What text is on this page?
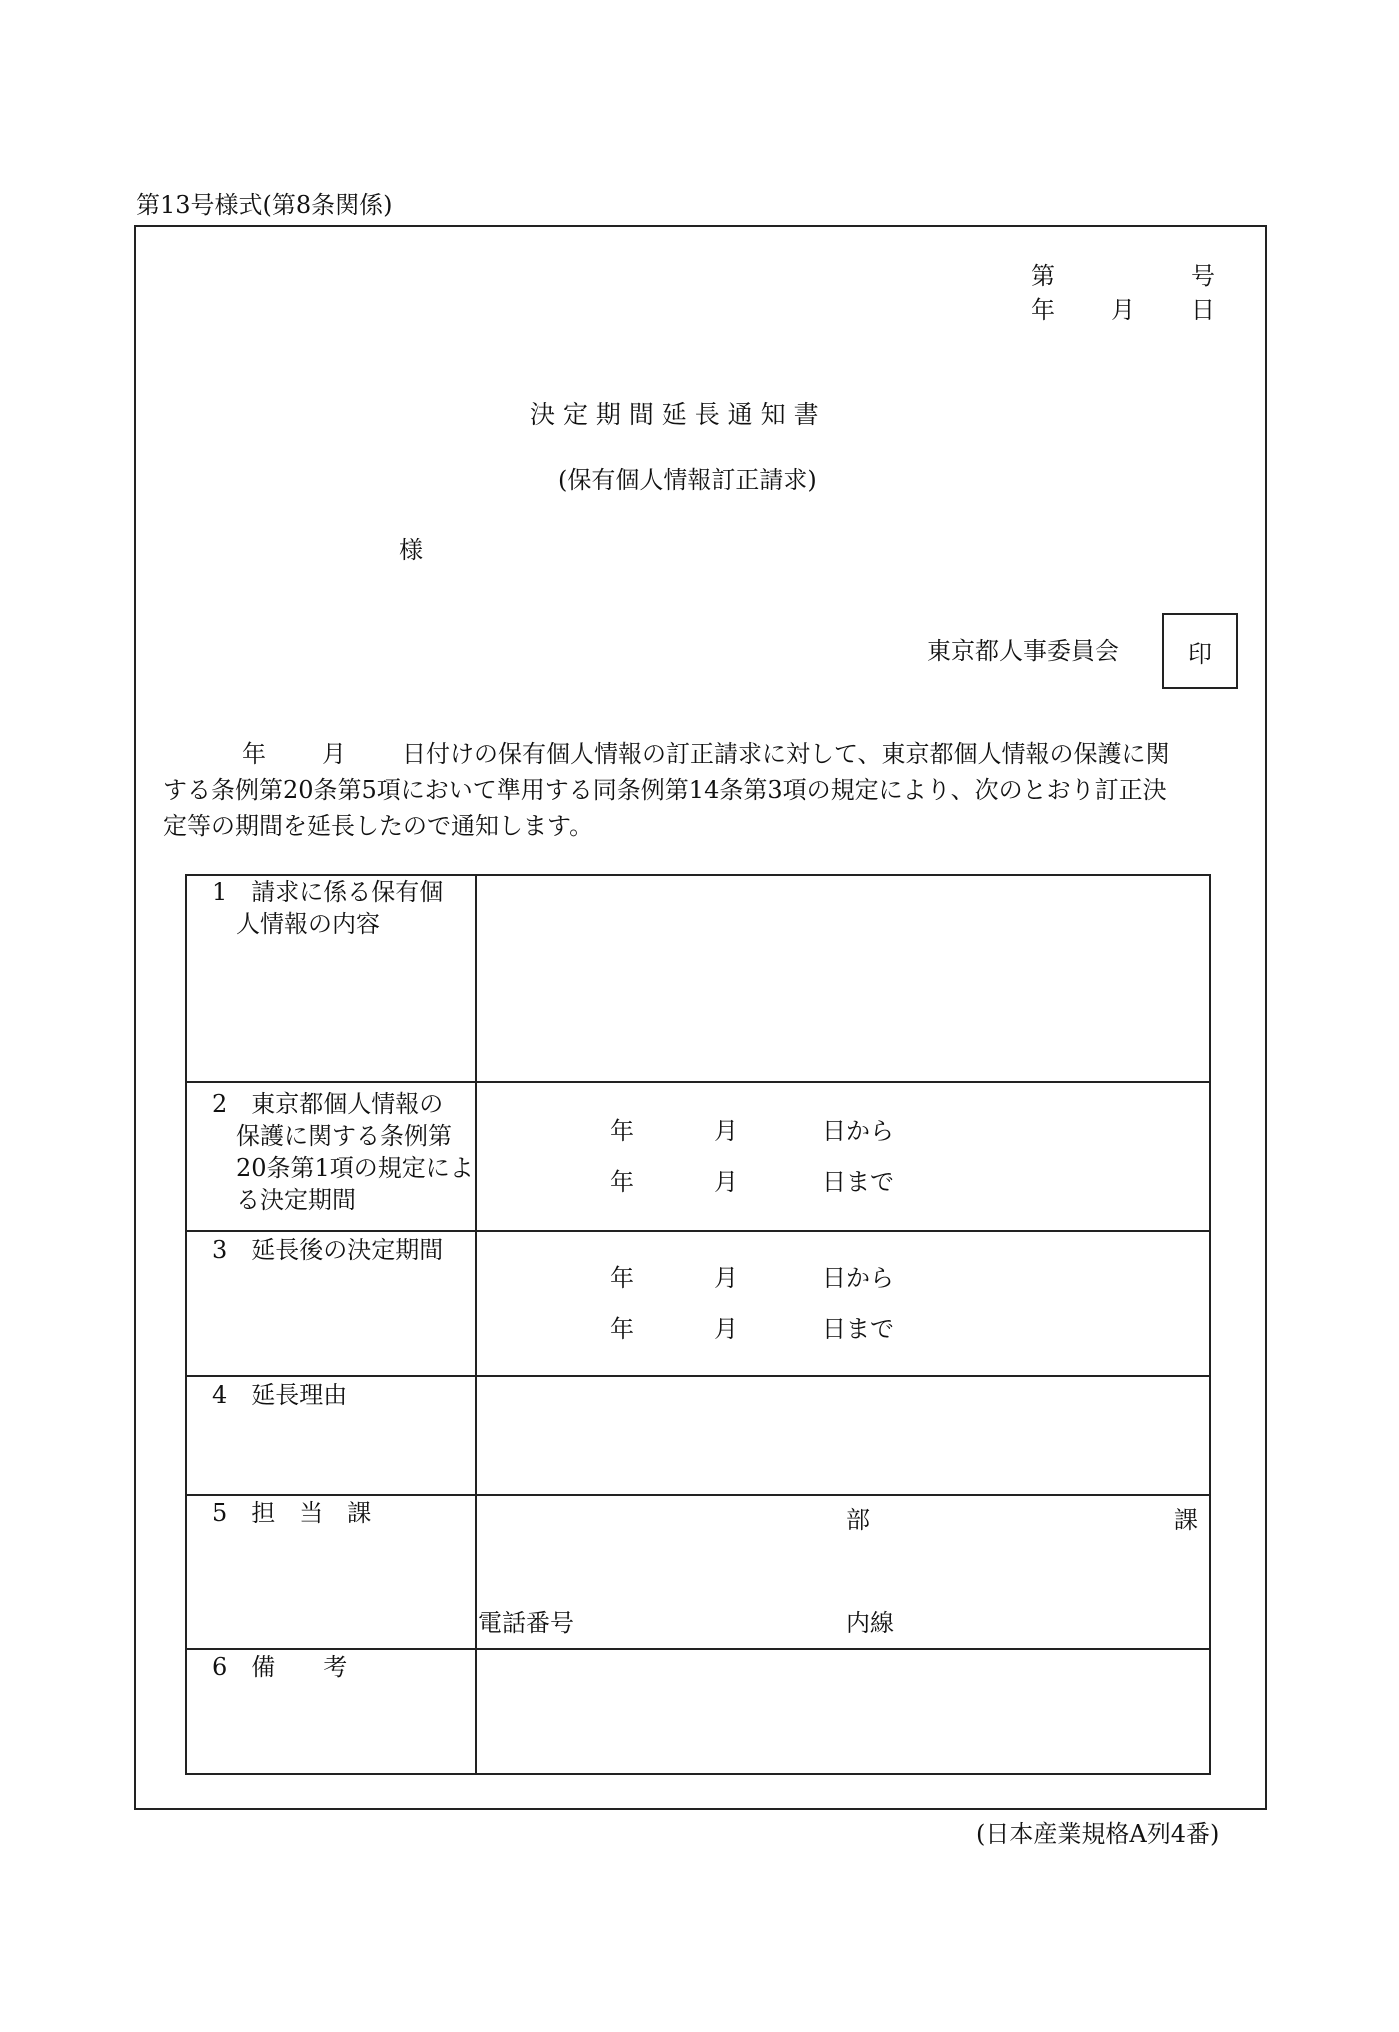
第13号様式(第8条関係)
第	号
年 月 日
決 定 期 間 延 長 通 知 書
(保有個人情報訂正請求)
様
東京都人事委員会	印
年 月 日付けの保有個人情報の訂正請求に対して、東京都個人情報の保護に関
する条例第20条第5項において準用する同条例第14条第3項の規定により、次のとおり訂正決
定等の期間を延長したので通知します。
1　請求に係る保有個
　人情報の内容
2　東京都個人情報の
　保護に関する条例第
　20条第1項の規定によ
　る決定期間
年	月	日から
年	月	日まで
3　延長後の決定期間
年	月	日から
年	月	日まで
4　延長理由
5　担　当　課	部	課
電話番号	内線
6　備　　考
(日本産業規格A列4番)
